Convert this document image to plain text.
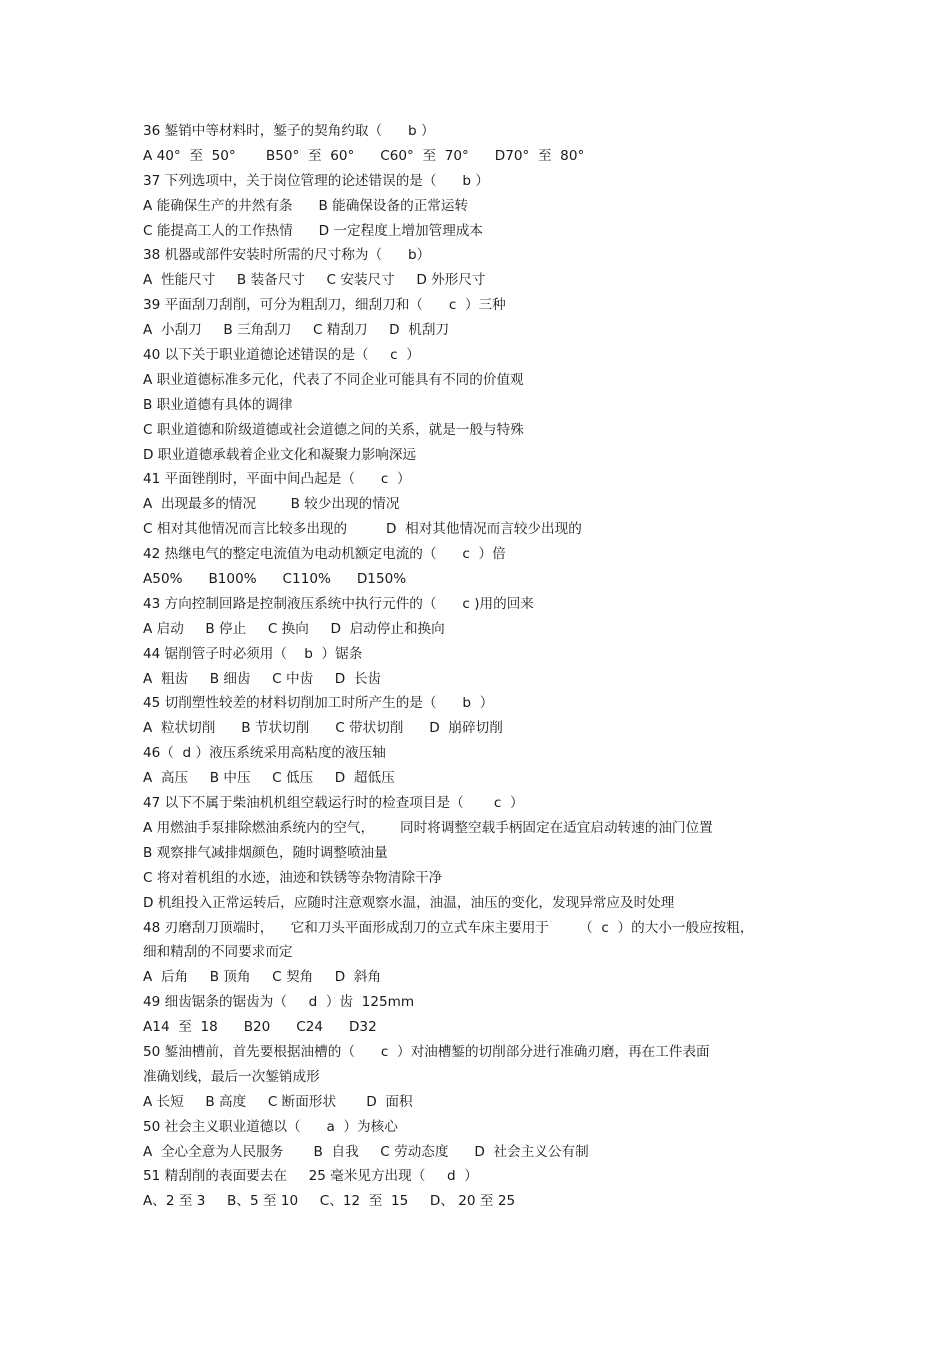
36 錾销中等材料时，錾子的契角约取（      b ）
A 40°  至  50°       B50°  至  60°      C60°  至  70°      D70°  至  80°
37 下列选项中，关于岗位管理的论述错误的是（      b ）
A 能确保生产的井然有条      B 能确保设备的正常运转
C 能提高工人的工作热情      D 一定程度上增加管理成本
38 机器或部件安装时所需的尺寸称为（      b）
A  性能尺寸     B 装备尺寸     C 安装尺寸     D 外形尺寸
39 平面刮刀刮削，可分为粗刮刀，细刮刀和（      c  ）三种
A  小刮刀     B 三角刮刀     C 精刮刀     D  机刮刀
40 以下关于职业道德论述错误的是（     c  ）
A 职业道德标准多元化，代表了不同企业可能具有不同的价值观
B 职业道德有具体的调律
C 职业道德和阶级道德或社会道德之间的关系，就是一般与特殊
D 职业道德承载着企业文化和凝聚力影响深远
41 平面锉削时，平面中间凸起是（      c  ）
A  出现最多的情况        B 较少出现的情况
C 相对其他情况而言比较多出现的         D  相对其他情况而言较少出现的
42 热继电气的整定电流值为电动机额定电流的（      c  ）倍
A50%      B100%      C110%      D150%
43 方向控制回路是控制液压系统中执行元件的（      c )用的回来
A 启动     B 停止     C 换向     D  启动停止和换向
44 锯削管子时必须用（    b  ）锯条
A  粗齿     B 细齿     C 中齿     D  长齿
45 切削塑性较差的材料切削加工时所产生的是（      b  ）
A  粒状切削      B 节状切削      C 带状切削      D  崩碎切削
46（  d ）液压系统采用高粘度的液压轴
A  高压     B 中压     C 低压     D  超低压
47 以下不属于柴油机机组空载运行时的检查项目是（       c  ）
A 用燃油手泵排除燃油系统内的空气，      同时将调整空载手柄固定在适宜启动转速的油门位置
B 观察排气减排烟颜色，随时调整喷油量
C 将对着机组的水迹，油迹和铁锈等杂物清除干净
D 机组投入正常运转后，应随时注意观察水温，油温，油压的变化，发现异常应及时处理
48 刃磨刮刀顶端时，    它和刀头平面形成刮刀的立式车床主要用于       （  c  ）的大小一般应按粗，
细和精刮的不同要求而定
A  后角     B 顶角     C 契角     D  斜角
49 细齿锯条的锯齿为（     d  ）齿  125mm
A14  至  18      B20      C24      D32
50 錾油槽前，首先要根据油槽的（      c  ）对油槽錾的切削部分进行准确刃磨，再在工件表面
准确划线，最后一次錾销成形
A 长短     B 高度     C 断面形状       D  面积
50 社会主义职业道德以（      a  ）为核心
A  全心全意为人民服务       B  自我     C 劳动态度      D  社会主义公有制
51 精刮削的表面要去在     25 毫米见方出现（     d  ）
A、2 至 3     B、5 至 10     C、12  至  15     D、 20 至 25
